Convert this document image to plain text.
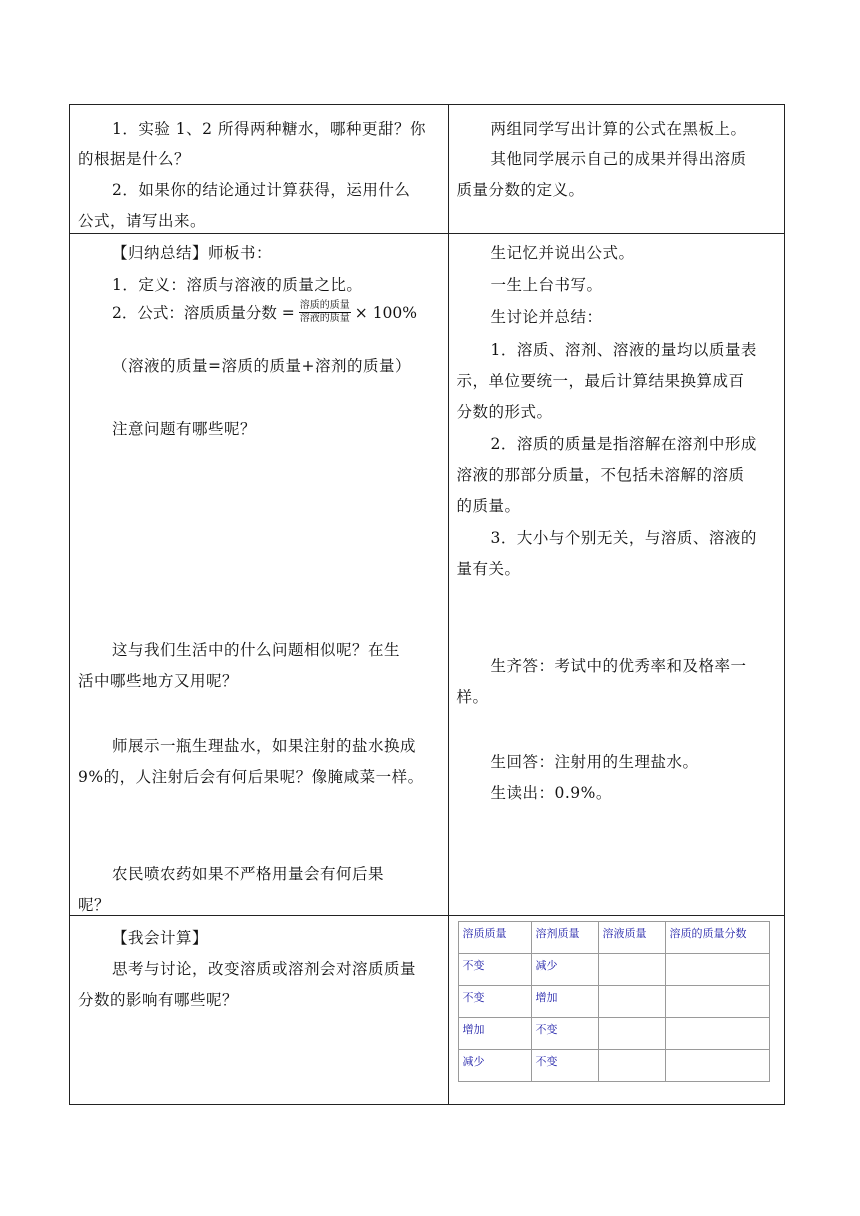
1．实验 1、2 所得两种糖水，哪种更甜？你
的根据是什么？
2．如果你的结论通过计算获得，运用什么
公式，请写出来。

两组同学写出计算的公式在黑板上。
其他同学展示自己的成果并得出溶质
质量分数的定义。

【归纳总结】师板书：
1．定义：溶质与溶液的质量之比。
2．公式：溶质质量分数 = $\frac{\text{溶质的质量}}{\text{溶液的质量}} \times 100\%$
（溶液的质量=溶质的质量+溶剂的质量）
注意问题有哪些呢？
这与我们生活中的什么问题相似呢？在生
活中哪些地方又用呢？
师展示一瓶生理盐水，如果注射的盐水换成
9%的，人注射后会有何后果呢？像腌咸菜一样。
农民喷农药如果不严格用量会有何后果
呢？

生记忆并说出公式。
一生上台书写。
生讨论并总结：
1．溶质、溶剂、溶液的量均以质量表
示，单位要统一，最后计算结果换算成百
分数的形式。
2．溶质的质量是指溶解在溶剂中形成
溶液的那部分质量，不包括未溶解的溶质
的质量。
3．大小与个别无关，与溶质、溶液的
量有关。
生齐答：考试中的优秀率和及格率一
样。
生回答：注射用的生理盐水。
生读出：0.9%。

【我会计算】
思考与讨论，改变溶质或溶剂会对溶质质量
分数的影响有哪些呢？

溶质质量	溶剂质量	溶液质量	溶质的质量分数
不变	减少		
不变	增加		
增加	不变		
减少	不变		
